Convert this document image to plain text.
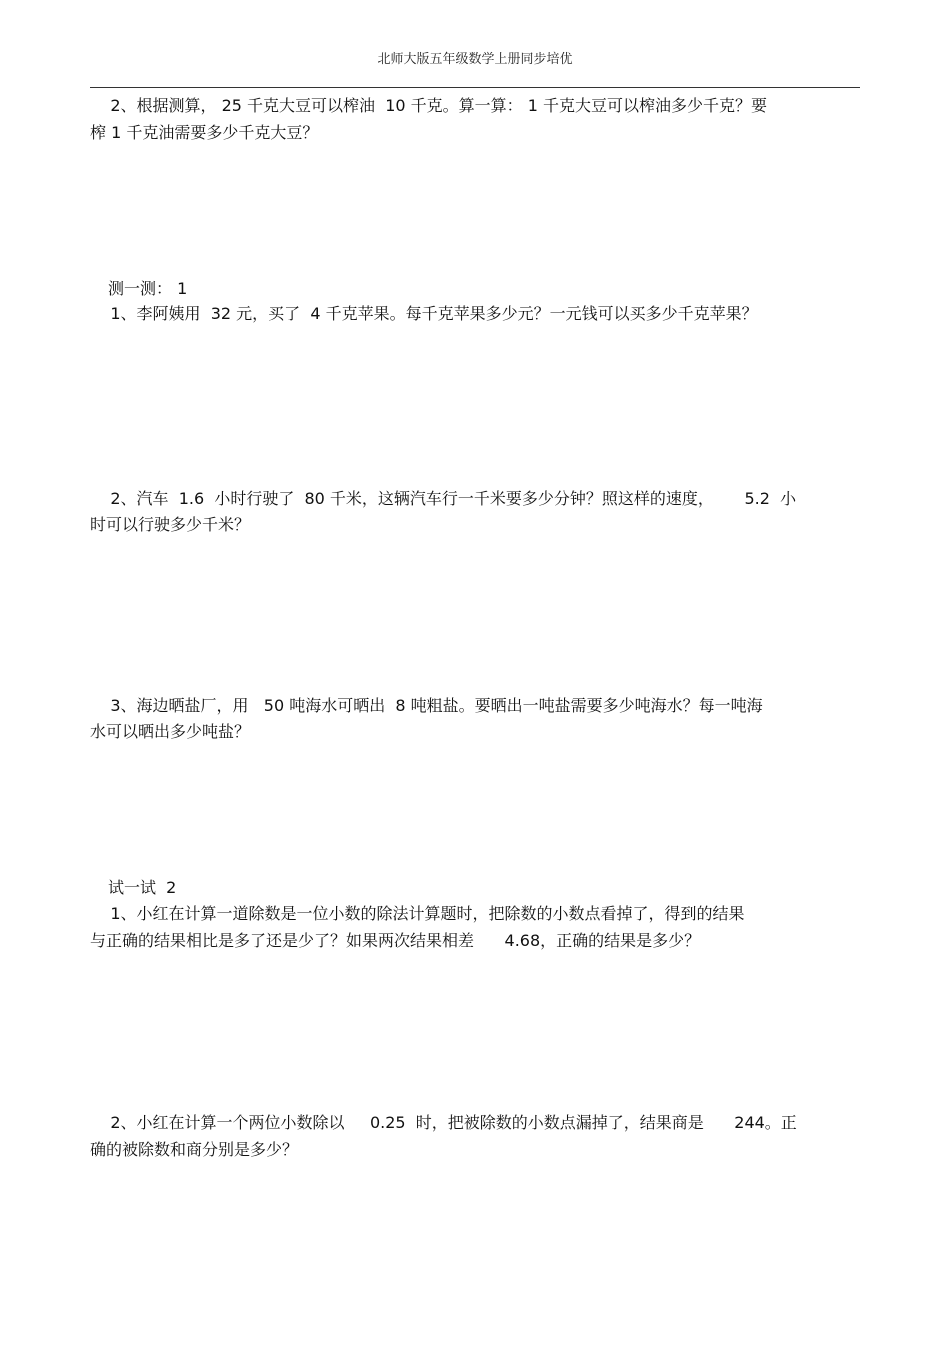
北师大版五年级数学上册同步培优
2、根据测算， 25 千克大豆可以榨油  10 千克。算一算： 1 千克大豆可以榨油多少千克？要
榨 1 千克油需要多少千克大豆？
测一测： 1
1、李阿姨用  32 元，买了  4 千克苹果。每千克苹果多少元？一元钱可以买多少千克苹果？
2、汽车  1.6  小时行驶了  80 千米，这辆汽车行一千米要多少分钟？照这样的速度，      5.2  小
时可以行驶多少千米？
3、海边晒盐厂，用   50 吨海水可晒出  8 吨粗盐。要晒出一吨盐需要多少吨海水？每一吨海
水可以晒出多少吨盐？
试一试  2
1、小红在计算一道除数是一位小数的除法计算题时，把除数的小数点看掉了，得到的结果
与正确的结果相比是多了还是少了？如果两次结果相差      4.68，正确的结果是多少？
2、小红在计算一个两位小数除以     0.25  时，把被除数的小数点漏掉了，结果商是      244。正
确的被除数和商分别是多少？
